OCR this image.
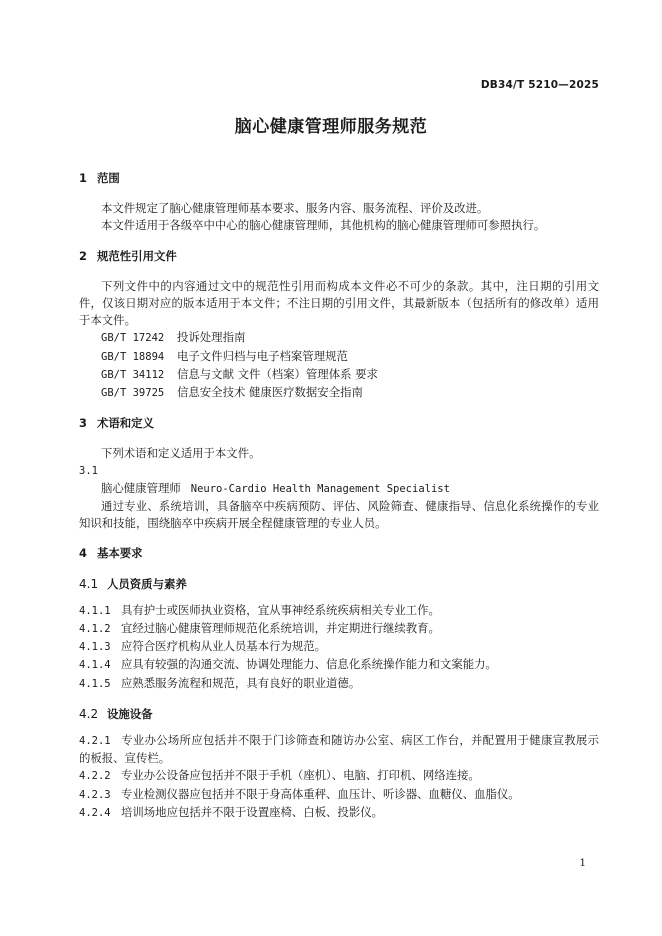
DB34/T 5210—2025
脑心健康管理师服务规范

1 范围

本文件规定了脑心健康管理师基本要求、服务内容、服务流程、评价及改进。

本文件适用于各级卒中中心的脑心健康管理师，其他机构的脑心健康管理师可参照执行。

2 规范性引用文件

下列文件中的内容通过文中的规范性引用而构成本文件必不可少的条款。其中，注日期的引用文件，仅该日期对应的版本适用于本文件；不注日期的引用文件，其最新版本（包括所有的修改单）适用于本文件。

GB/T 17242 投诉处理指南

GB/T 18894 电子文件归档与电子档案管理规范

GB/T 34112 信息与文献 文件（档案）管理体系 要求

GB/T 39725 信息安全技术 健康医疗数据安全指南

3 术语和定义

下列术语和定义适用于本文件。

3.1

脑心健康管理师 Neuro-Cardio Health Management Specialist

通过专业、系统培训，具备脑卒中疾病预防、评估、风险筛查、健康指导、信息化系统操作的专业知识和技能，围绕脑卒中疾病开展全程健康管理的专业人员。

4 基本要求

4.1 人员资质与素养

4.1.1 具有护士或医师执业资格，宜从事神经系统疾病相关专业工作。

4.1.2 宜经过脑心健康管理师规范化系统培训，并定期进行继续教育。

4.1.3 应符合医疗机构从业人员基本行为规范。

4.1.4 应具有较强的沟通交流、协调处理能力、信息化系统操作能力和文案能力。

4.1.5 应熟悉服务流程和规范，具有良好的职业道德。

4.2 设施设备

4.2.1 专业办公场所应包括并不限于门诊筛查和随访办公室、病区工作台，并配置用于健康宣教展示的板报、宣传栏。

4.2.2 专业办公设备应包括并不限于手机（座机）、电脑、打印机、网络连接。

4.2.3 专业检测仪器应包括并不限于身高体重秤、血压计、听诊器、血糖仪、血脂仪。

4.2.4 培训场地应包括并不限于设置座椅、白板、投影仪。

1
